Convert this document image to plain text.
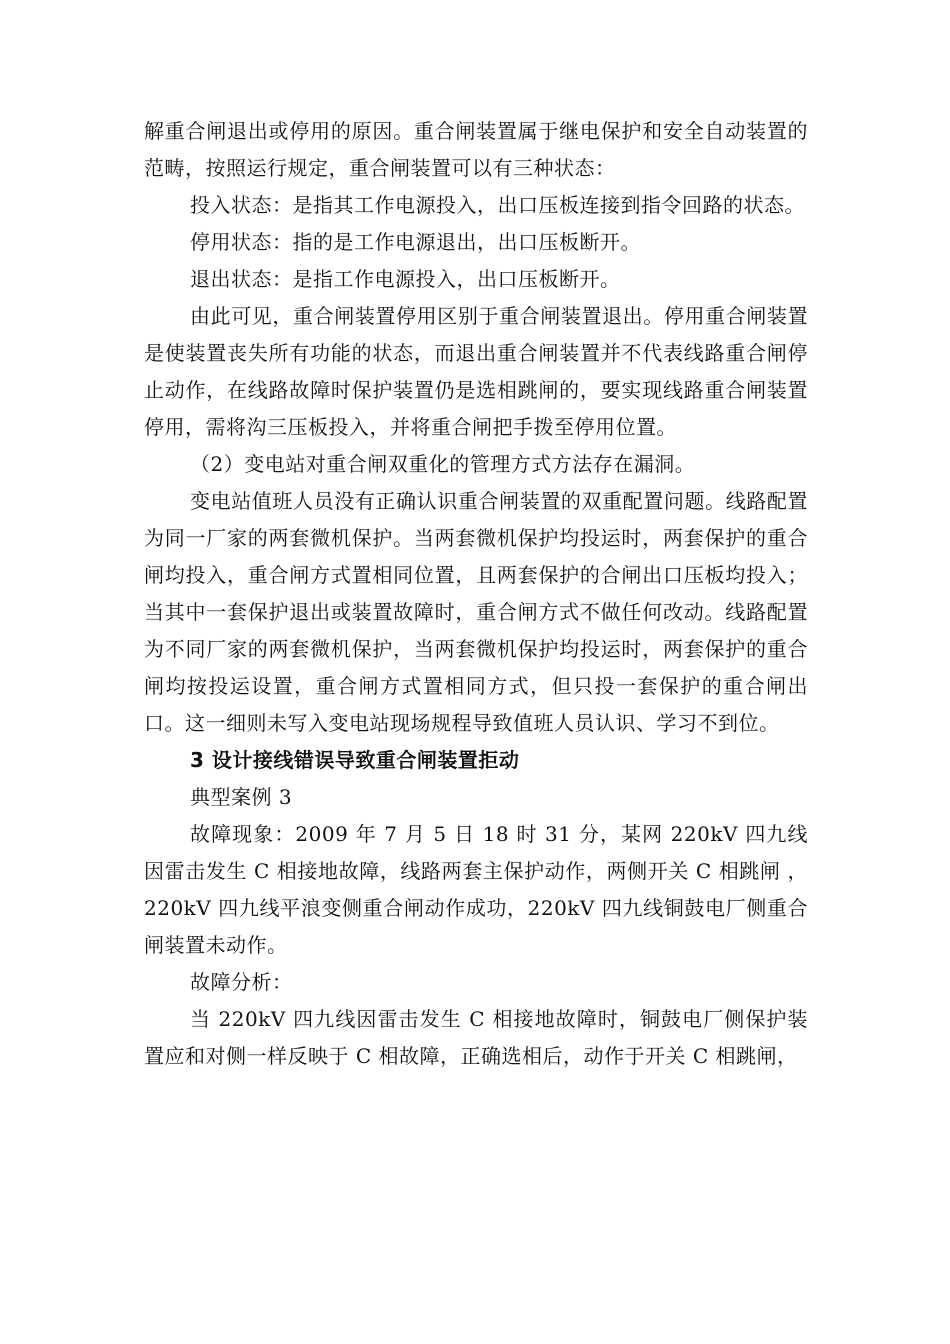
解重合闸退出或停用的原因。重合闸装置属于继电保护和安全自动装置的范畴，按照运行规定，重合闸装置可以有三种状态：

投入状态：是指其工作电源投入，出口压板连接到指令回路的状态。

停用状态：指的是工作电源退出，出口压板断开。

退出状态：是指工作电源投入，出口压板断开。

由此可见，重合闸装置停用区别于重合闸装置退出。停用重合闸装置是使装置丧失所有功能的状态，而退出重合闸装置并不代表线路重合闸停止动作，在线路故障时保护装置仍是选相跳闸的，要实现线路重合闸装置停用，需将沟三压板投入，并将重合闸把手拨至停用位置。

（2）变电站对重合闸双重化的管理方式方法存在漏洞。

变电站值班人员没有正确认识重合闸装置的双重配置问题。线路配置为同一厂家的两套微机保护。当两套微机保护均投运时，两套保护的重合闸均投入，重合闸方式置相同位置，且两套保护的合闸出口压板均投入；当其中一套保护退出或装置故障时，重合闸方式不做任何改动。线路配置为不同厂家的两套微机保护，当两套微机保护均投运时，两套保护的重合闸均按投运设置，重合闸方式置相同方式，但只投一套保护的重合闸出口。这一细则未写入变电站现场规程导致值班人员认识、学习不到位。

3 设计接线错误导致重合闸装置拒动

典型案例 3

故障现象：2009 年 7 月 5 日 18 时 31 分，某网 220kV 四九线因雷击发生 C 相接地故障，线路两套主保护动作，两侧开关 C 相跳闸 ，220kV 四九线平浪变侧重合闸动作成功，220kV 四九线铜鼓电厂侧重合闸装置未动作。

故障分析：

当 220kV 四九线因雷击发生 C 相接地故障时，铜鼓电厂侧保护装置应和对侧一样反映于 C 相故障，正确选相后，动作于开关 C 相跳闸，
